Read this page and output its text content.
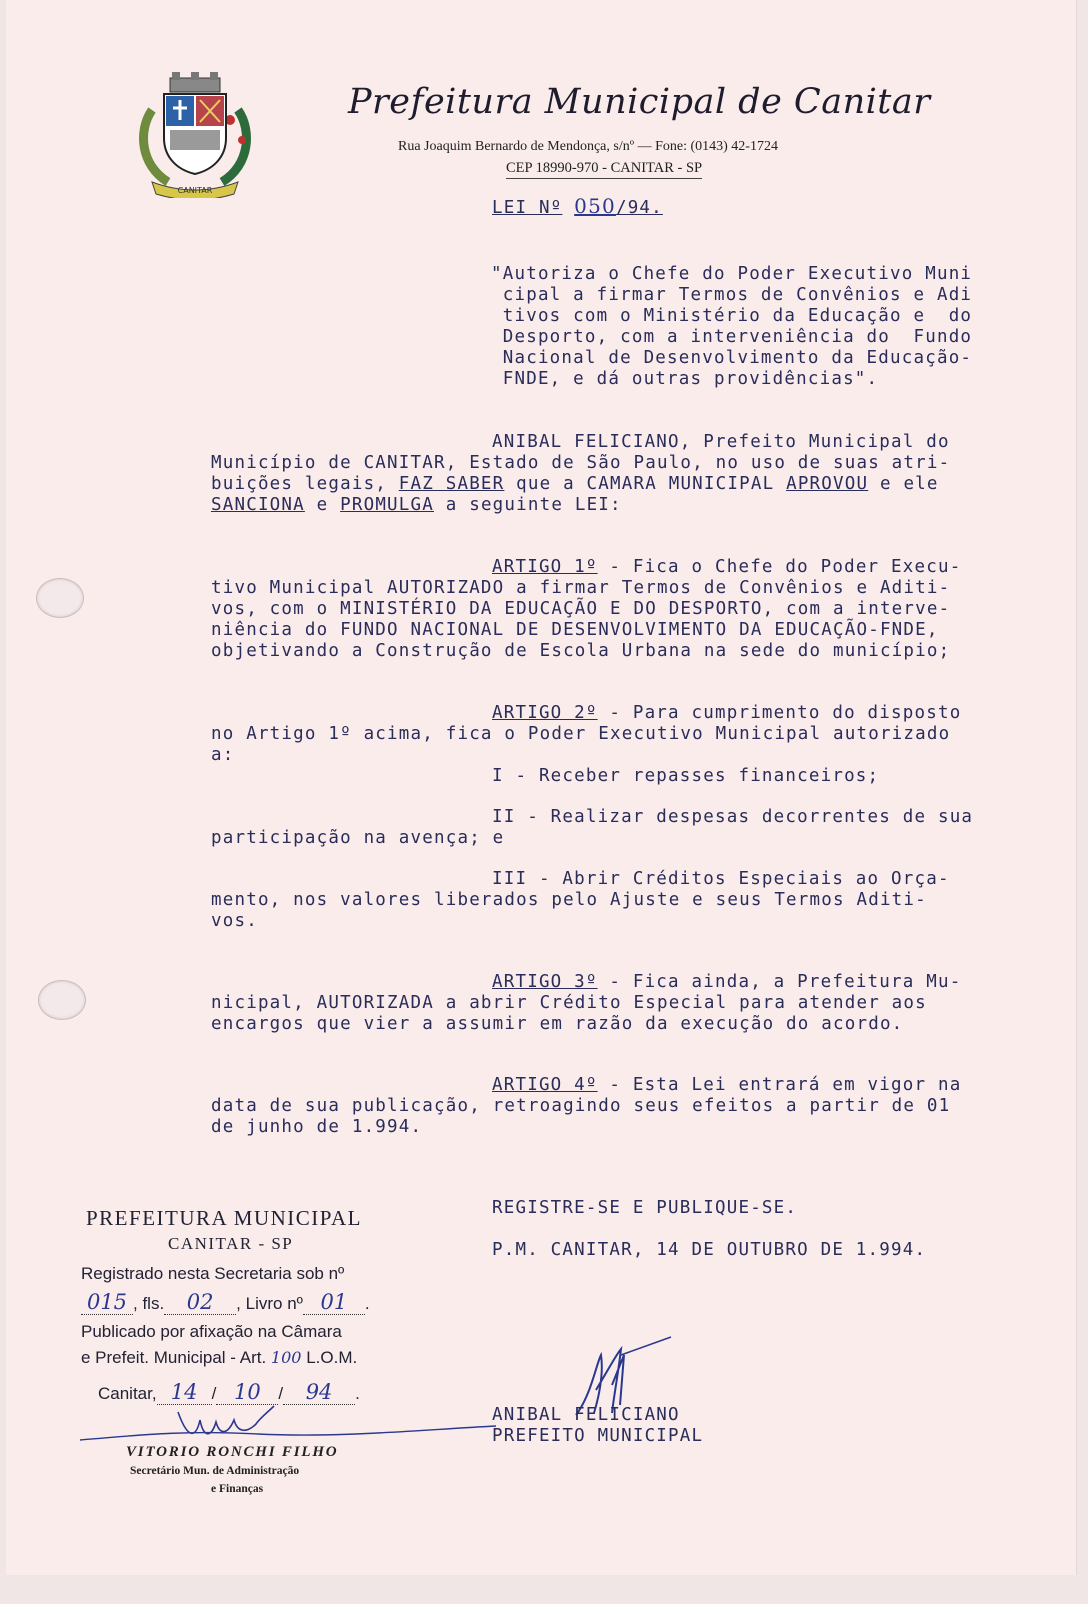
CANITAR
Prefeitura Municipal de Canitar
Rua Joaquim Bernardo de Mendonça, s/nº — Fone: (0143) 42-1724
CEP 18990-970 - CANITAR - SP
LEI Nº 050/94.
"Autoriza o Chefe do Poder Executivo Muni
cipal a firmar Termos de Convênios e Adi
tivos com o Ministério da Educação e  do
Desporto, com a interveniência do  Fundo
Nacional de Desenvolvimento da Educação-
FNDE, e dá outras providências".
ANIBAL FELICIANO, Prefeito Municipal do
Município de CANITAR, Estado de São Paulo, no uso de suas atri-
buições legais, FAZ SABER que a CAMARA MUNICIPAL APROVOU e ele
SANCIONA e PROMULGA a seguinte LEI:
ARTIGO 1º - Fica o Chefe do Poder Execu-
tivo Municipal AUTORIZADO a firmar Termos de Convênios e Aditi-
vos, com o MINISTÉRIO DA EDUCAÇÃO E DO DESPORTO, com a interve-
niência do FUNDO NACIONAL DE DESENVOLVIMENTO DA EDUCAÇÃO-FNDE,
objetivando a Construção de Escola Urbana na sede do município;
ARTIGO 2º - Para cumprimento do disposto
no Artigo 1º acima, fica o Poder Executivo Municipal autorizado
a:
I - Receber repasses financeiros;
II - Realizar despesas decorrentes de sua
participação na avença; e
III - Abrir Créditos Especiais ao Orça-
mento, nos valores liberados pelo Ajuste e seus Termos Aditi-
vos.
ARTIGO 3º - Fica ainda, a Prefeitura Mu-
nicipal, AUTORIZADA a abrir Crédito Especial para atender aos
encargos que vier a assumir em razão da execução do acordo.
ARTIGO 4º - Esta Lei entrará em vigor na
data de sua publicação, retroagindo seus efeitos a partir de 01
de junho de 1.994.
REGISTRE-SE E PUBLIQUE-SE.
P.M. CANITAR, 14 DE OUTUBRO DE 1.994.
ANIBAL FELICIANO
PREFEITO MUNICIPAL
PREFEITURA MUNICIPAL
CANITAR - SP
Registrado nesta Secretaria sob nº
015 , fls. 02 , Livro nº 01 .
Publicado por afixação na Câmara
e Prefeit. Municipal - Art. 100 L.O.M.
Canitar, 14 / 10 / 94 .
VITORIO RONCHI FILHO
Secretário Mun. de Administração
e Finanças
